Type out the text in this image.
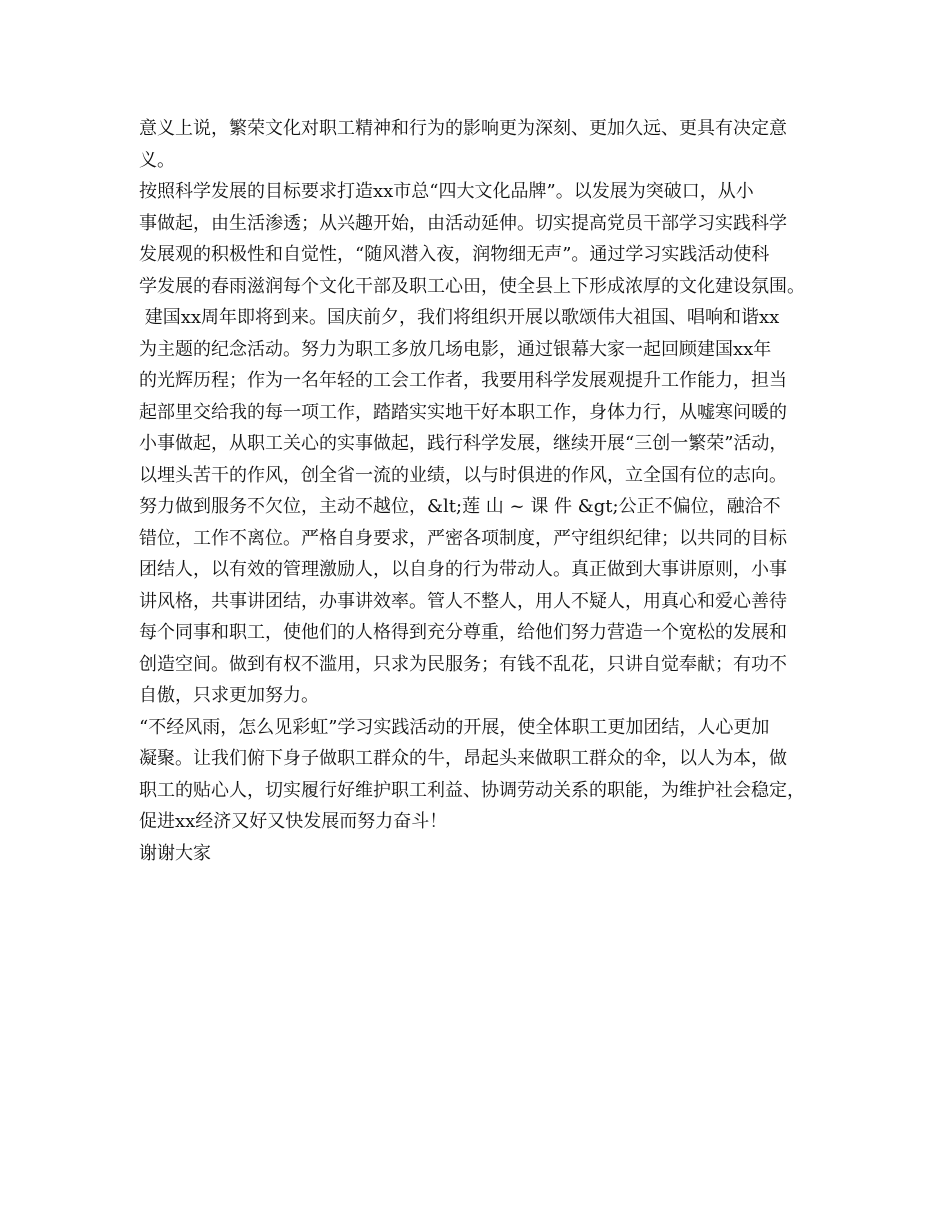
意义上说，繁荣文化对职工精神和行为的影响更为深刻、更加久远、更具有决定意
义。
按照科学发展的目标要求打造xx市总“四大文化品牌”。以发展为突破口，从小
事做起，由生活渗透；从兴趣开始，由活动延伸。切实提高党员干部学习实践科学
发展观的积极性和自觉性，“随风潜入夜，润物细无声”。通过学习实践活动使科
学发展的春雨滋润每个文化干部及职工心田，使全县上下形成浓厚的文化建设氛围。
建国xx周年即将到来。国庆前夕，我们将组织开展以歌颂伟大祖国、唱响和谐xx
为主题的纪念活动。努力为职工多放几场电影，通过银幕大家一起回顾建国xx年
的光辉历程；作为一名年轻的工会工作者，我要用科学发展观提升工作能力，担当
起部里交给我的每一项工作，踏踏实实地干好本职工作，身体力行，从嘘寒问暖的
小事做起，从职工关心的实事做起，践行科学发展，继续开展“三创一繁荣”活动，
以埋头苦干的作风，创全省一流的业绩，以与时俱进的作风，立全国有位的志向。
努力做到服务不欠位，主动不越位，&lt;莲 山 ~ 课 件 &gt;公正不偏位，融洽不
错位，工作不离位。严格自身要求，严密各项制度，严守组织纪律；以共同的目标
团结人，以有效的管理激励人，以自身的行为带动人。真正做到大事讲原则，小事
讲风格，共事讲团结，办事讲效率。管人不整人，用人不疑人，用真心和爱心善待
每个同事和职工，使他们的人格得到充分尊重，给他们努力营造一个宽松的发展和
创造空间。做到有权不滥用，只求为民服务；有钱不乱花，只讲自觉奉献；有功不
自傲，只求更加努力。
“不经风雨，怎么见彩虹”学习实践活动的开展，使全体职工更加团结，人心更加
凝聚。让我们俯下身子做职工群众的牛，昂起头来做职工群众的伞，以人为本，做
职工的贴心人，切实履行好维护职工利益、协调劳动关系的职能，为维护社会稳定，
促进xx经济又好又快发展而努力奋斗！
谢谢大家
